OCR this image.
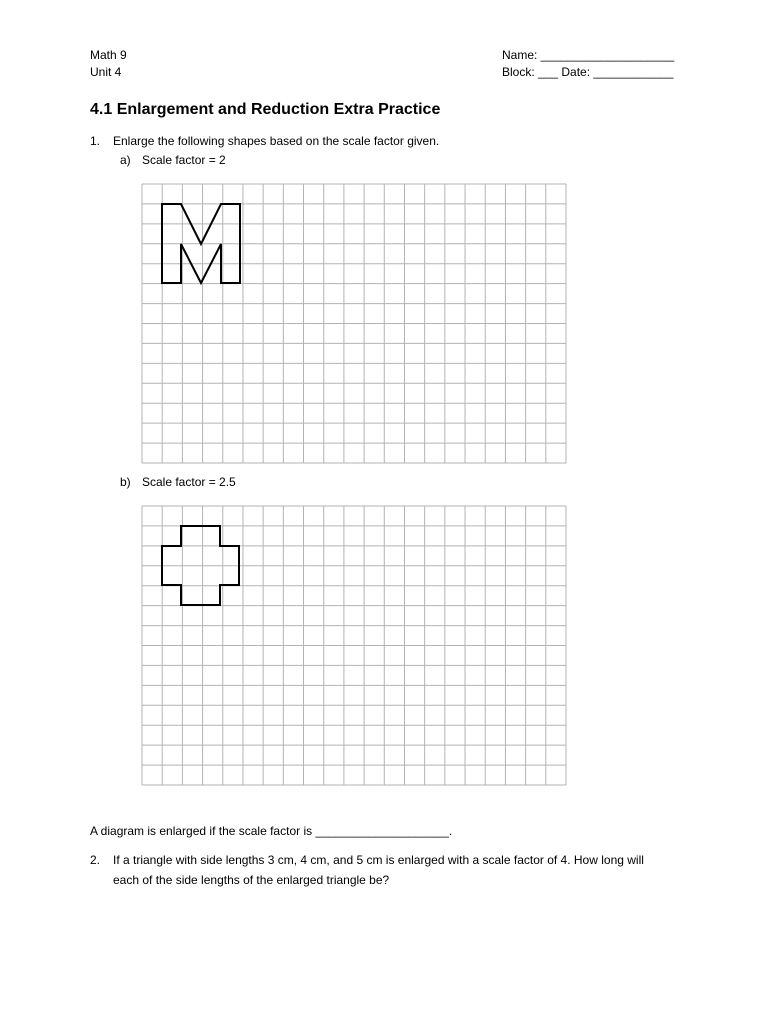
Math 9
Unit 4
Name: ____________________
Block: ___ Date: ____________
4.1 Enlargement and Reduction Extra Practice
1. Enlarge the following shapes based on the scale factor given.
a) Scale factor = 2
b) Scale factor = 2.5
A diagram is enlarged if the scale factor is ____________________.
2. If a triangle with side lengths 3 cm, 4 cm, and 5 cm is enlarged with a scale factor of 4. How long will
each of the side lengths of the enlarged triangle be?
